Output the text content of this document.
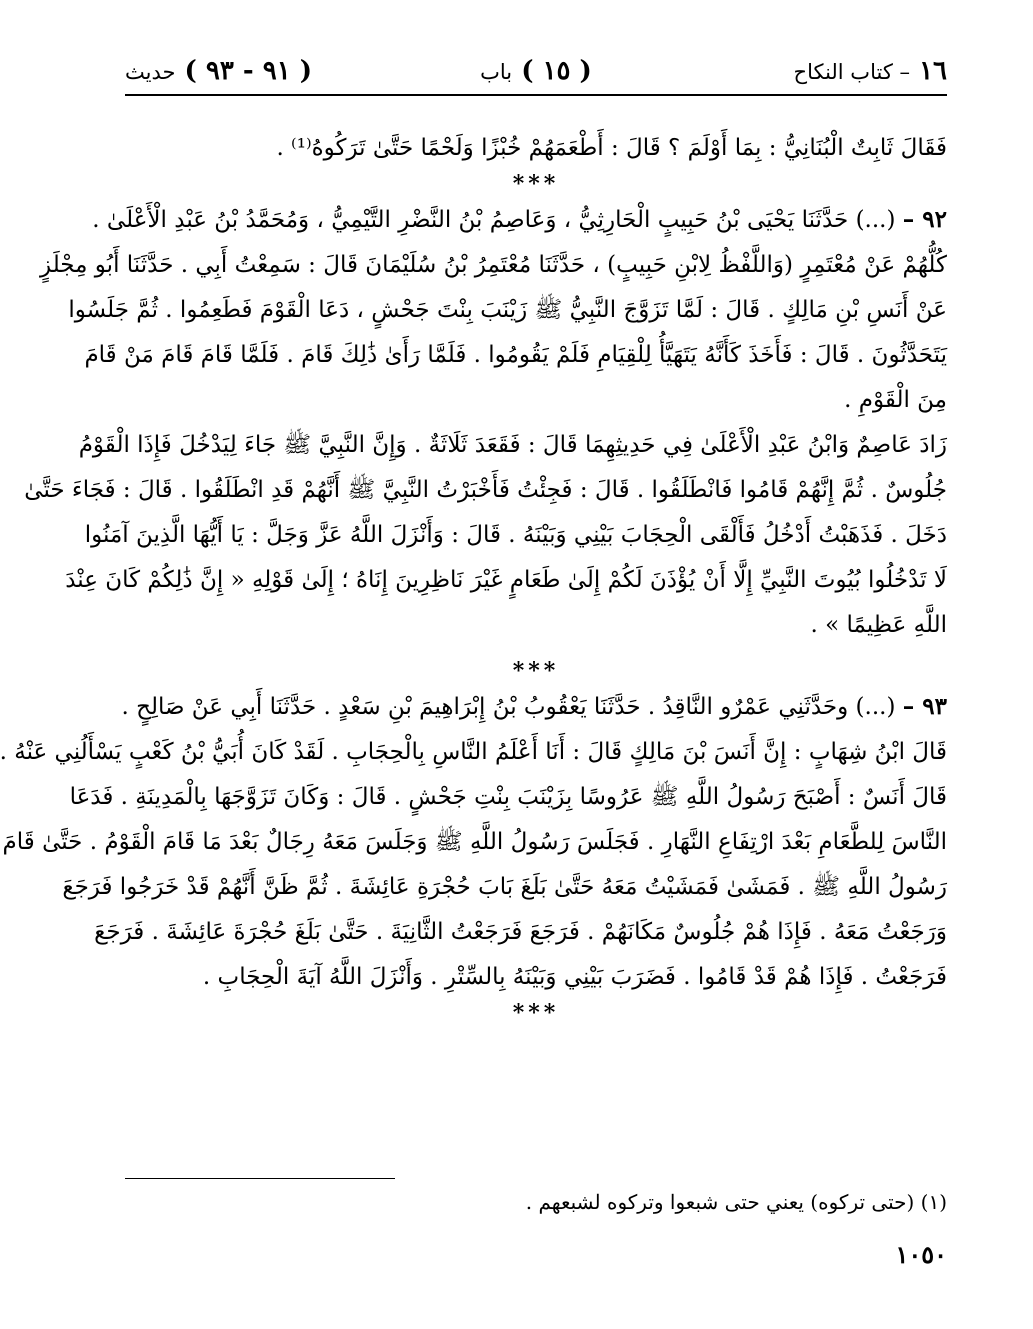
١٦ – كتاب النكاح
( ١٥ ) باب
( ٩١ - ٩٣ ) حديث

فَقَالَ ثَابِتٌ الْبُنَانِيُّ : بِمَا أَوْلَمَ ؟ قَالَ : أَطْعَمَهُمْ خُبْزًا وَلَحْمًا حَتَّىٰ تَرَكُوهُ⁽¹⁾ .

***

٩٢ – (...) حَدَّثَنَا يَحْيَى بْنُ حَبِيبٍ الْحَارِثِيُّ ، وَعَاصِمُ بْنُ النَّضْرِ التَّيْمِيُّ ، وَمُحَمَّدُ بْنُ عَبْدِ الْأَعْلَىٰ .

كُلُّهُمْ عَنْ مُعْتَمِرٍ (وَاللَّفْظُ لِابْنِ حَبِيبٍ) ، حَدَّثَنَا مُعْتَمِرُ بْنُ سُلَيْمَانَ قَالَ : سَمِعْتُ أَبِي . حَدَّثَنَا أَبُو مِجْلَزٍ

عَنْ أَنَسِ بْنِ مَالِكٍ . قَالَ : لَمَّا تَزَوَّجَ النَّبِيُّ ﷺ زَيْنَبَ بِنْتَ جَحْشٍ ، دَعَا الْقَوْمَ فَطَعِمُوا . ثُمَّ جَلَسُوا

يَتَحَدَّثُونَ . قَالَ : فَأَخَذَ كَأَنَّهُ يَتَهَيَّأُ لِلْقِيَامِ فَلَمْ يَقُومُوا . فَلَمَّا رَأَىٰ ذَٰلِكَ قَامَ . فَلَمَّا قَامَ قَامَ مَنْ قَامَ

مِنَ الْقَوْمِ .

زَادَ عَاصِمٌ وَابْنُ عَبْدِ الْأَعْلَىٰ فِي حَدِيثِهِمَا قَالَ : فَقَعَدَ ثَلَاثَةٌ . وَإِنَّ النَّبِيَّ ﷺ جَاءَ لِيَدْخُلَ فَإِذَا الْقَوْمُ

جُلُوسٌ . ثُمَّ إِنَّهُمْ قَامُوا فَانْطَلَقُوا . قَالَ : فَجِئْتُ فَأَخْبَرْتُ النَّبِيَّ ﷺ أَنَّهُمْ قَدِ انْطَلَقُوا . قَالَ : فَجَاءَ حَتَّىٰ

دَخَلَ . فَذَهَبْتُ أَدْخُلُ فَأَلْقَى الْحِجَابَ بَيْنِي وَبَيْنَهُ . قَالَ : وَأَنْزَلَ اللَّهُ عَزَّ وَجَلَّ : يَا أَيُّهَا الَّذِينَ آمَنُوا

لَا تَدْخُلُوا بُيُوتَ النَّبِيِّ إِلَّا أَنْ يُؤْذَنَ لَكُمْ إِلَىٰ طَعَامٍ غَيْرَ نَاظِرِينَ إِنَاهُ ؛ إِلَىٰ قَوْلِهِ « إِنَّ ذَٰلِكُمْ كَانَ عِنْدَ

اللَّهِ عَظِيمًا » .

***

٩٣ – (...) وحَدَّثَنِي عَمْرٌو النَّاقِدُ . حَدَّثَنَا يَعْقُوبُ بْنُ إِبْرَاهِيمَ بْنِ سَعْدٍ . حَدَّثَنَا أَبِي عَنْ صَالِحٍ .

قَالَ ابْنُ شِهَابٍ : إِنَّ أَنَسَ بْنَ مَالِكٍ قَالَ : أَنَا أَعْلَمُ النَّاسِ بِالْحِجَابِ . لَقَدْ كَانَ أُبَيُّ بْنُ كَعْبٍ يَسْأَلُنِي عَنْهُ .

قَالَ أَنَسٌ : أَصْبَحَ رَسُولُ اللَّهِ ﷺ عَرُوسًا بِزَيْنَبَ بِنْتِ جَحْشٍ . قَالَ : وَكَانَ تَزَوَّجَهَا بِالْمَدِينَةِ . فَدَعَا

النَّاسَ لِلطَّعَامِ بَعْدَ ارْتِفَاعِ النَّهَارِ . فَجَلَسَ رَسُولُ اللَّهِ ﷺ وَجَلَسَ مَعَهُ رِجَالٌ بَعْدَ مَا قَامَ الْقَوْمُ . حَتَّىٰ قَامَ

رَسُولُ اللَّهِ ﷺ . فَمَشَىٰ فَمَشَيْتُ مَعَهُ حَتَّىٰ بَلَغَ بَابَ حُجْرَةِ عَائِشَةَ . ثُمَّ ظَنَّ أَنَّهُمْ قَدْ خَرَجُوا فَرَجَعَ

وَرَجَعْتُ مَعَهُ . فَإِذَا هُمْ جُلُوسٌ مَكَانَهُمْ . فَرَجَعَ فَرَجَعْتُ الثَّانِيَةَ . حَتَّىٰ بَلَغَ حُجْرَةَ عَائِشَةَ . فَرَجَعَ

فَرَجَعْتُ . فَإِذَا هُمْ قَدْ قَامُوا . فَضَرَبَ بَيْنِي وَبَيْنَهُ بِالسِّتْرِ . وَأَنْزَلَ اللَّهُ آيَةَ الْحِجَابِ .

***

(١) (حتى تركوه) يعني حتى شبعوا وتركوه لشبعهم .
١٠٥٠
